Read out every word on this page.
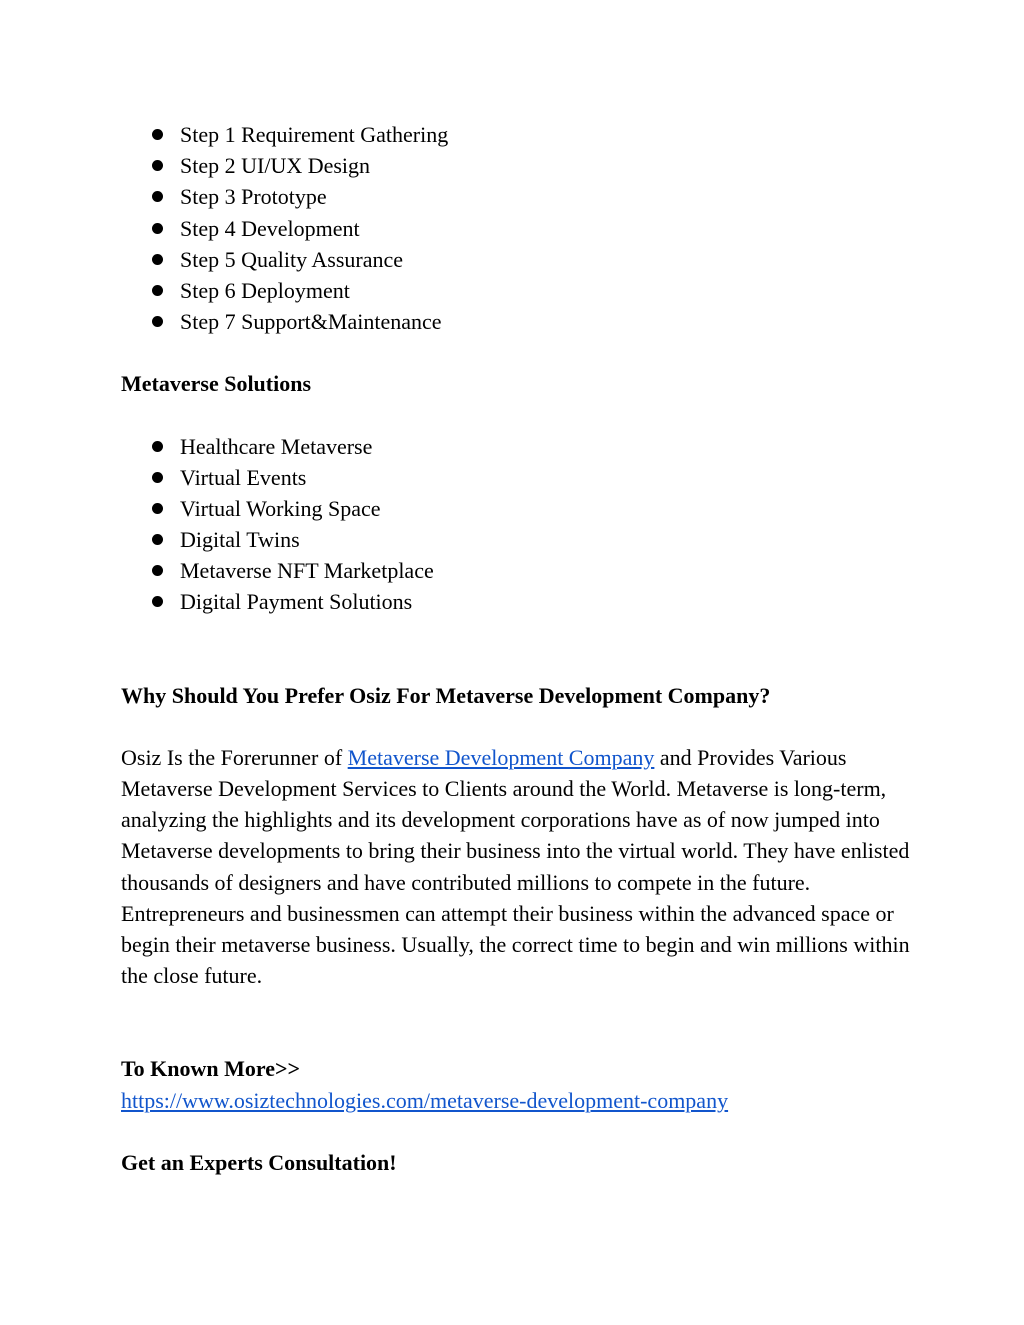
Step 1 Requirement Gathering
Step 2 UI/UX Design
Step 3 Prototype
Step 4 Development
Step 5 Quality Assurance
Step 6 Deployment
Step 7 Support&Maintenance

Metaverse Solutions

Healthcare Metaverse
Virtual Events
Virtual Working Space
Digital Twins
Metaverse NFT Marketplace
Digital Payment Solutions

Why Should You Prefer Osiz For Metaverse Development Company?

Osiz Is the Forerunner of Metaverse Development Company and Provides Various Metaverse Development Services to Clients around the World. Metaverse is long-term, analyzing the highlights and its development corporations have as of now jumped into Metaverse developments to bring their business into the virtual world. They have enlisted thousands of designers and have contributed millions to compete in the future. Entrepreneurs and businessmen can attempt their business within the advanced space or begin their metaverse business. Usually, the correct time to begin and win millions within the close future.

To Known More>>

https://www.osiztechnologies.com/metaverse-development-company

Get an Experts Consultation!
